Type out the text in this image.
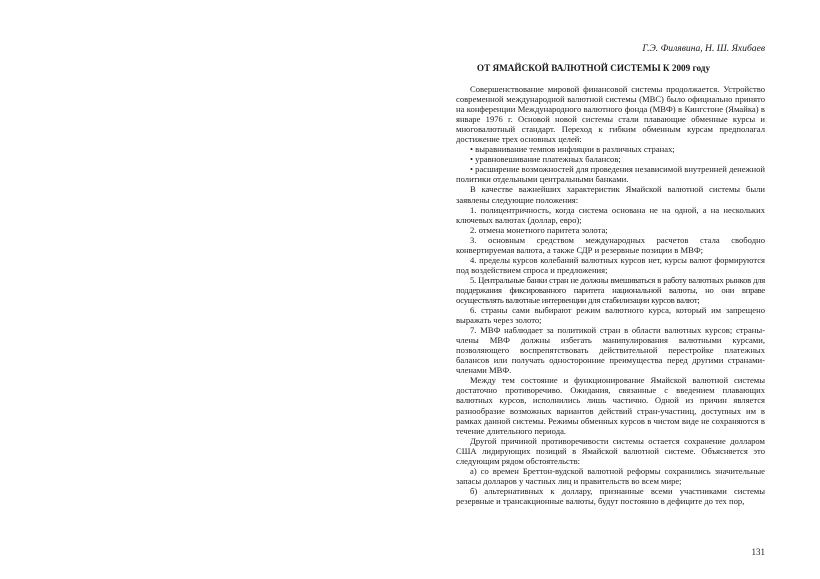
Г.Э. Филявина, Н. Ш. Яхибаев
ОТ ЯМАЙСКОЙ ВАЛЮТНОЙ СИСТЕМЫ К 2009 году

Совершенствование мировой финансовой системы продолжается. Устройство современной международной валютной системы (МВС) было официально принято на конференции Международного валютного фонда (МВФ) в Кингстоне (Ямайка) в январе 1976 г. Основой новой системы стали плавающие обменные курсы и многовалютный стандарт. Переход к гибким обменным курсам предполагал достижение трех основных целей:

• выравнивание темпов инфляции в различных странах;

• уравновешивание платежных балансов;

• расширение возможностей для проведения независимой внутренней денежной политики отдельными центральными банками.

В качестве важнейших характеристик Ямайской валютной системы были заявлены следующие положения:

1. полицентричность, когда система основана не на одной, а на нескольких ключевых валютах (доллар, евро);

2. отмена монетного паритета золота;

3. основным средством международных расчетов стала свободно конвертируемая валюта, а также СДР и резервные позиции в МВФ;

4. пределы курсов колебаний валютных курсов нет, курсы валют формируются под воздействием спроса и предложения;

5. Центральные банки стран не должны вмешиваться в работу валютных рынков для поддержания фиксированного паритета национальной валюты, но они вправе осуществлять валютные интервенции для стабилизации курсов валют;

6. страны сами выбирают режим валютного курса, который им запрещено выражать через золото;

7. МВФ наблюдает за политикой стран в области валютных курсов; страны-члены МВФ должны избегать манипулирования валютными курсами, позволяющего воспрепятствовать действительной перестройке платежных балансов или получать односторонние преимущества перед другими странами-членами МВФ.

Между тем состояние и функционирование Ямайской валютной системы достаточно противоречиво. Ожидания, связанные с введением плавающих валютных курсов, исполнились лишь частично. Одной из причин является разнообразие возможных вариантов действий стран-участниц, доступных им в рамках данной системы. Режимы обменных курсов в чистом виде не сохраняются в течение длительного периода.

Другой причиной противоречивости системы остается сохранение долларом США лидирующих позиций в Ямайской валютной системе. Объясняется это следующим рядом обстоятельств:

а) со времен Бреттон-вудской валютной реформы сохранились значительные запасы долларов у частных лиц и правительств во всем мире;

б) альтернативных к доллару, признанные всеми участниками системы резервные и трансакционные валюты, будут постоянно в дефиците до тех пор,

131
